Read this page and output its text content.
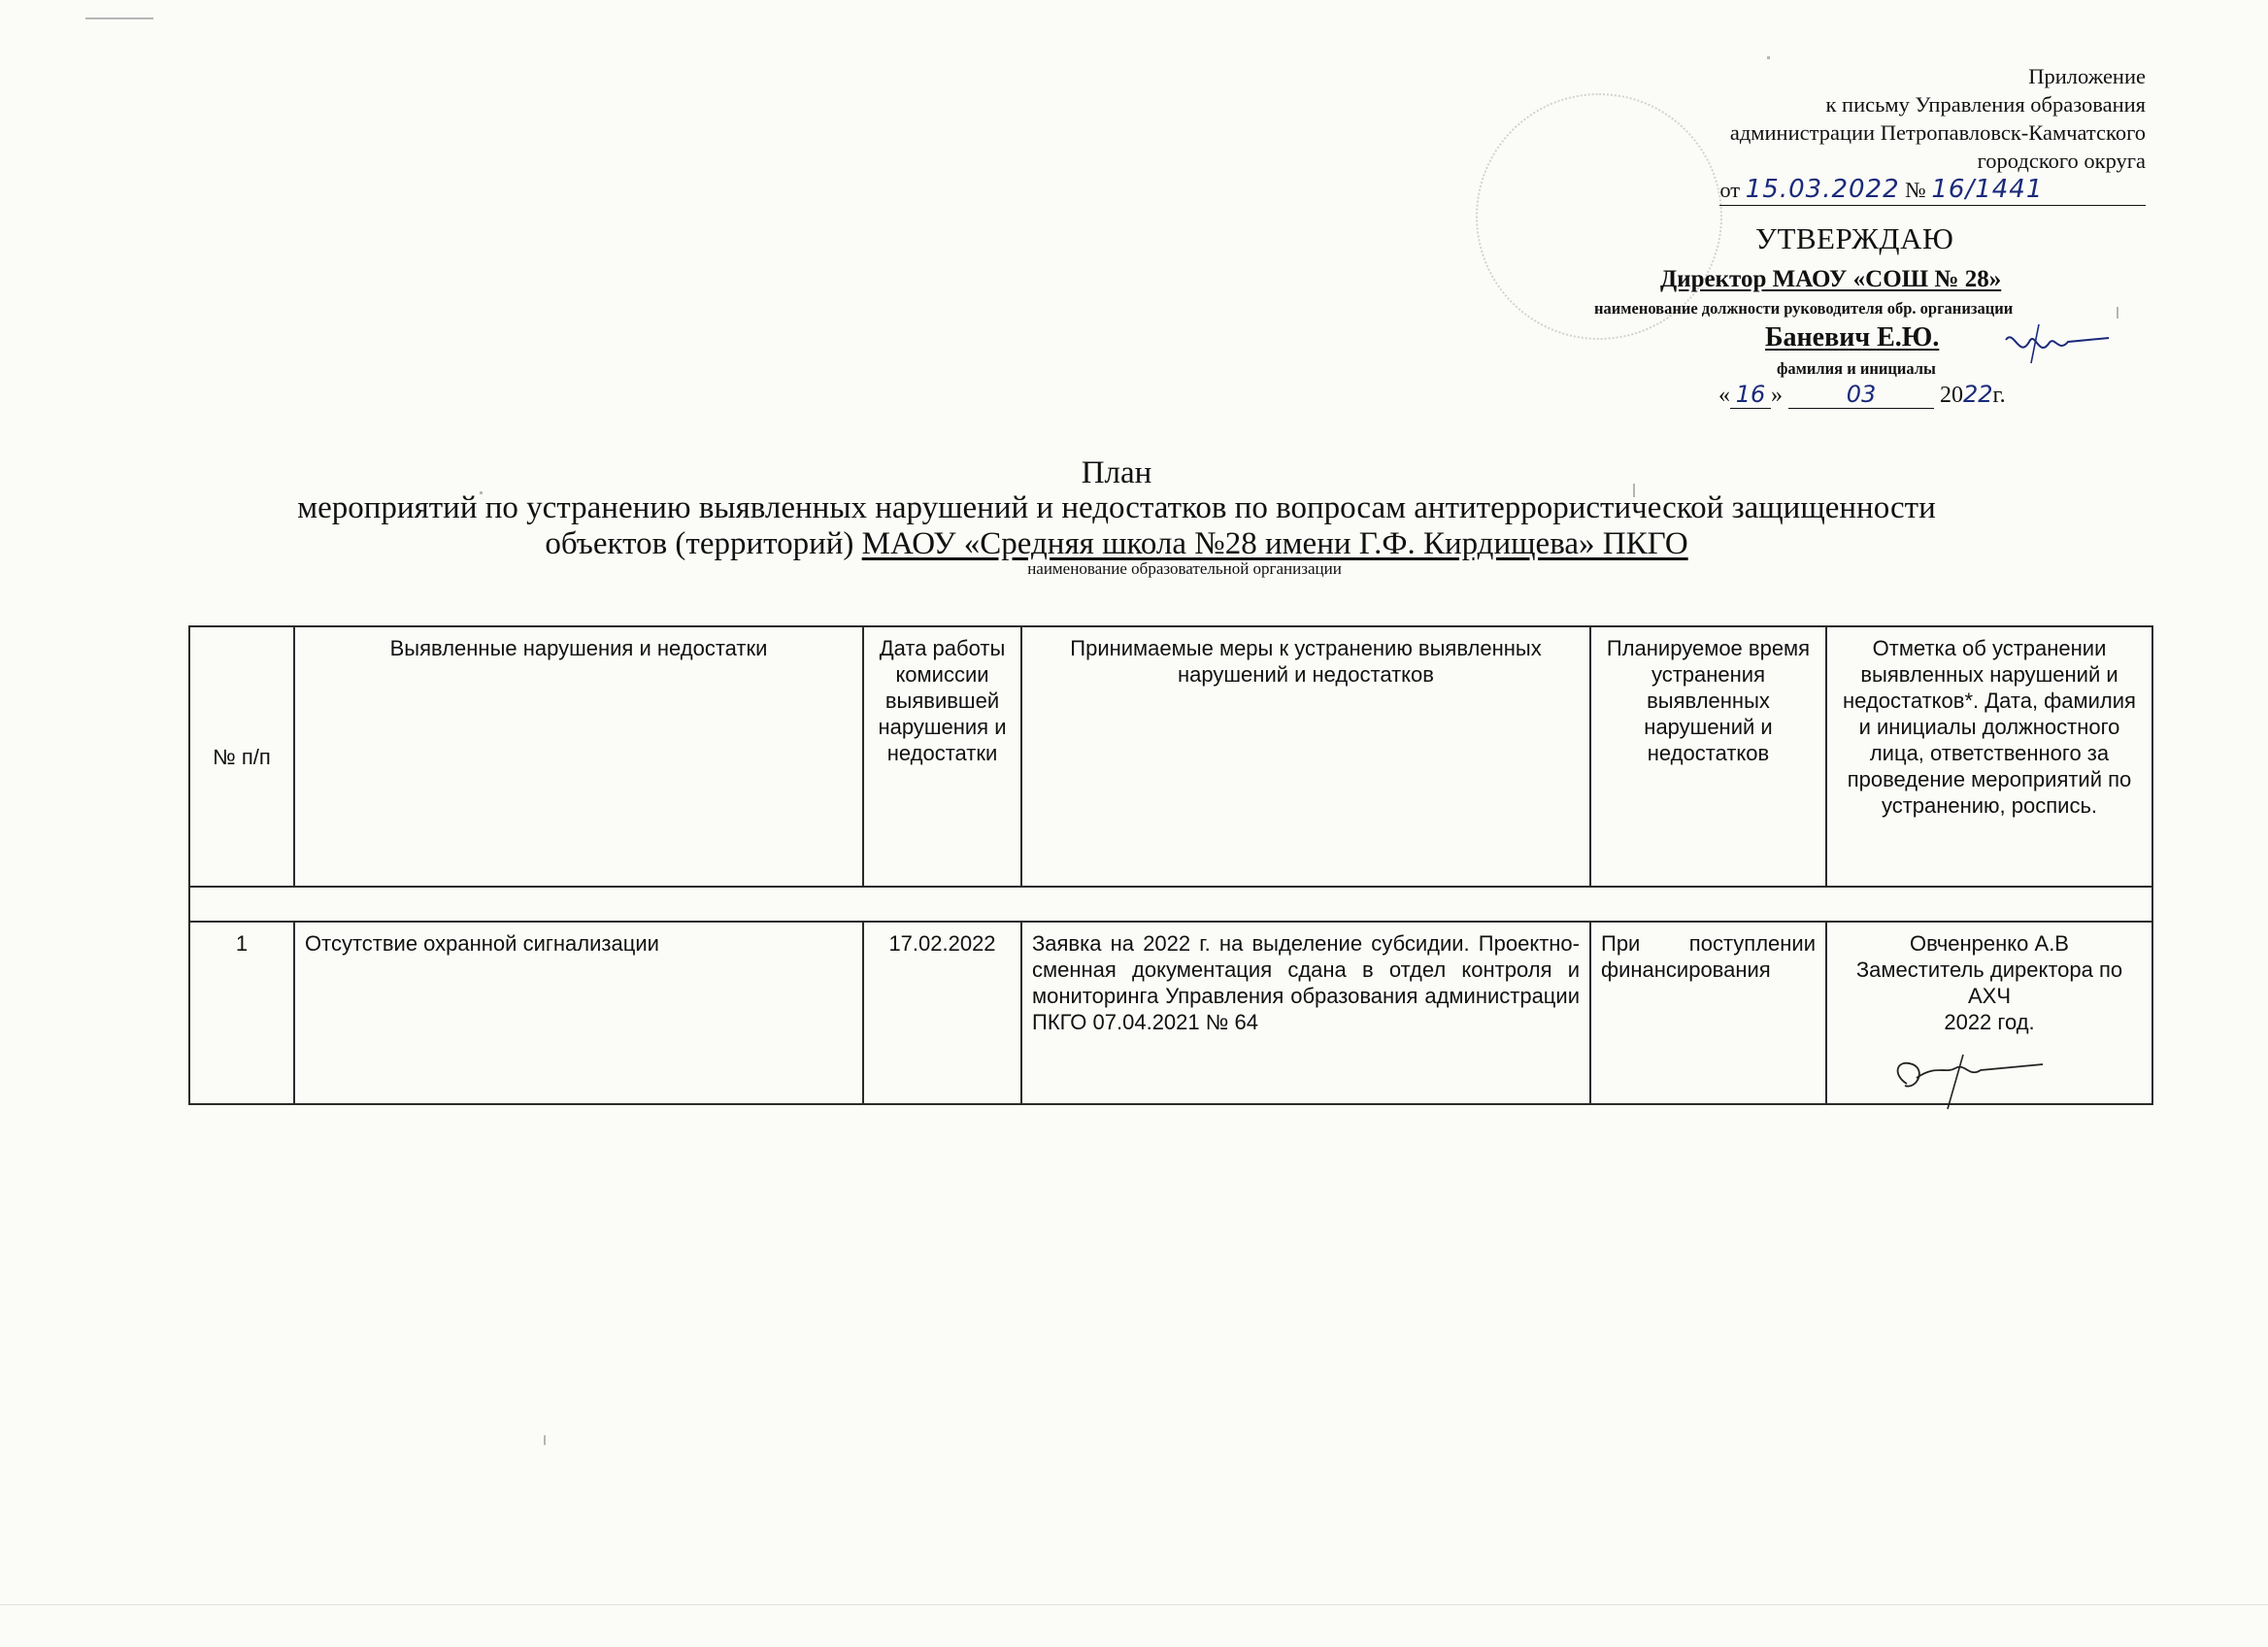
Приложение
к письму Управления образования
администрации Петропавловск-Камчатского
городского округа
от 15.03.2022 № 16/1441
УТВЕРЖДАЮ
Директор МАОУ «СОШ № 28»
наименование должности руководителя обр. организации
Баневич Е.Ю.
фамилия и инициалы
« 16 »	03	2022г.
План
мероприятий по устранению выявленных нарушений и недостатков по вопросам антитеррористической защищенности
объектов (территорий) МАОУ «Средняя школа №28 имени Г.Ф. Кирдищева» ПКГО
наименование образовательной организации
№ п/п	Выявленные нарушения и недостатки	Дата работы комиссии выявившей нарушения и недостатки	Принимаемые меры к устранению выявленных нарушений и недостатков	Планируемое время устранения выявленных нарушений и недостатков	Отметка об устранении выявленных нарушений и недостатков*. Дата, фамилия и инициалы должностного лица, ответственного за проведение мероприятий по устранению, роспись.

1	Отсутствие охранной сигнализации	17.02.2022	Заявка на 2022 г. на выделение субсидии. Проектно-сменная документация сдана в отдел контроля и мониторинга Управления образования администрации ПКГО 07.04.2021 № 64	При поступлении финансирования	Овченренко А.В
Заместитель директора по АХЧ
2022 год.
